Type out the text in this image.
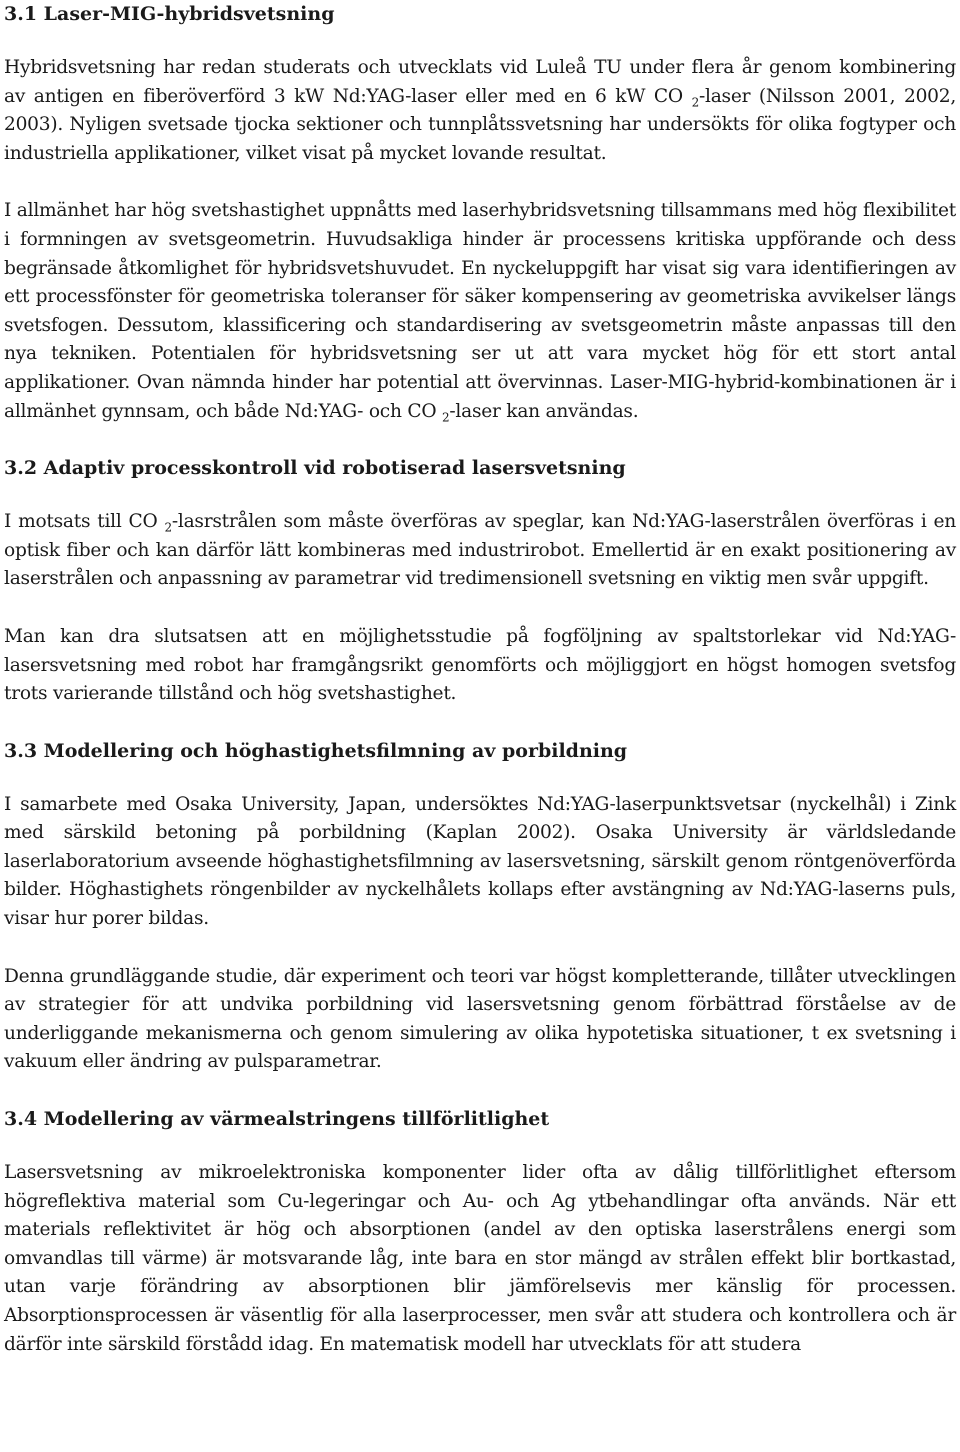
3.1 Laser-MIG-hybridsvetsning

Hybridsvetsning har redan studerats och utvecklats vid Luleå TU under flera år genom kombinering av antigen en fiberöverförd 3 kW Nd:YAG-laser eller med en 6 kW CO $_2$-laser (Nilsson 2001, 2002, 2003). Nyligen svetsade tjocka sektioner och tunnplåtssvetsning har undersökts för olika fogtyper och industriella applikationer, vilket visat på mycket lovande resultat.

I allmänhet har hög svetshastighet uppnåtts med laserhybridsvetsning tillsammans med hög flexibilitet i formningen av svetsgeometrin. Huvudsakliga hinder är processens kritiska uppförande och dess begränsade åtkomlighet för hybridsvetshuvudet. En nyckeluppgift har visat sig vara identifieringen av ett processfönster för geometriska toleranser för säker kompensering av geometriska avvikelser längs svetsfogen. Dessutom, klassificering och standardisering av svetsgeometrin måste anpassas till den nya tekniken. Potentialen för hybridsvetsning ser ut att vara mycket hög för ett stort antal applikationer. Ovan nämnda hinder har potential att övervinnas. Laser-MIG-hybrid-kombinationen är i allmänhet gynnsam, och både Nd:YAG- och CO $_2$-laser kan användas.

3.2 Adaptiv processkontroll vid robotiserad lasersvetsning

I motsats till CO $_2$-lasrstrålen som måste överföras av speglar, kan Nd:YAG-laserstrålen överföras i en optisk fiber och kan därför lätt kombineras med industrirobot. Emellertid är en exakt positionering av laserstrålen och anpassning av parametrar vid tredimensionell svetsning en viktig men svår uppgift.

Man kan dra slutsatsen att en möjlighetsstudie på fogföljning av spaltstorlekar vid Nd:YAG-lasersvetsning med robot har framgångsrikt genomförts och möjliggjort en högst homogen svetsfog trots varierande tillstånd och hög svetshastighet.

3.3 Modellering och höghastighetsfilmning av porbildning

I samarbete med Osaka University, Japan, undersöktes Nd:YAG-laserpunktsvetsar (nyckelhål) i Zink med särskild betoning på porbildning (Kaplan 2002). Osaka University är världsledande laserlaboratorium avseende höghastighetsfilmning av lasersvetsning, särskilt genom röntgenöverförda bilder. Höghastighets röngenbilder av nyckelhålets kollaps efter avstängning av Nd:YAG-laserns puls, visar hur porer bildas.

Denna grundläggande studie, där experiment och teori var högst kompletterande, tillåter utvecklingen av strategier för att undvika porbildning vid lasersvetsning genom förbättrad förståelse av de underliggande mekanismerna och genom simulering av olika hypotetiska situationer, t ex svetsning i vakuum eller ändring av pulsparametrar.

3.4 Modellering av värmealstringens tillförlitlighet

Lasersvetsning av mikroelektroniska komponenter lider ofta av dålig tillförlitlighet eftersom högreflektiva material som Cu-legeringar och Au- och Ag ytbehandlingar ofta används. När ett materials reflektivitet är hög och absorptionen (andel av den optiska laserstrålens energi som omvandlas till värme) är motsvarande låg, inte bara en stor mängd av strålen effekt blir bortkastad, utan varje förändring av absorptionen blir jämförelsevis mer känslig för processen. Absorptionsprocessen är väsentlig för alla laserprocesser, men svår att studera och kontrollera och är därför inte särskild förstådd idag. En matematisk modell har utvecklats för att studera
